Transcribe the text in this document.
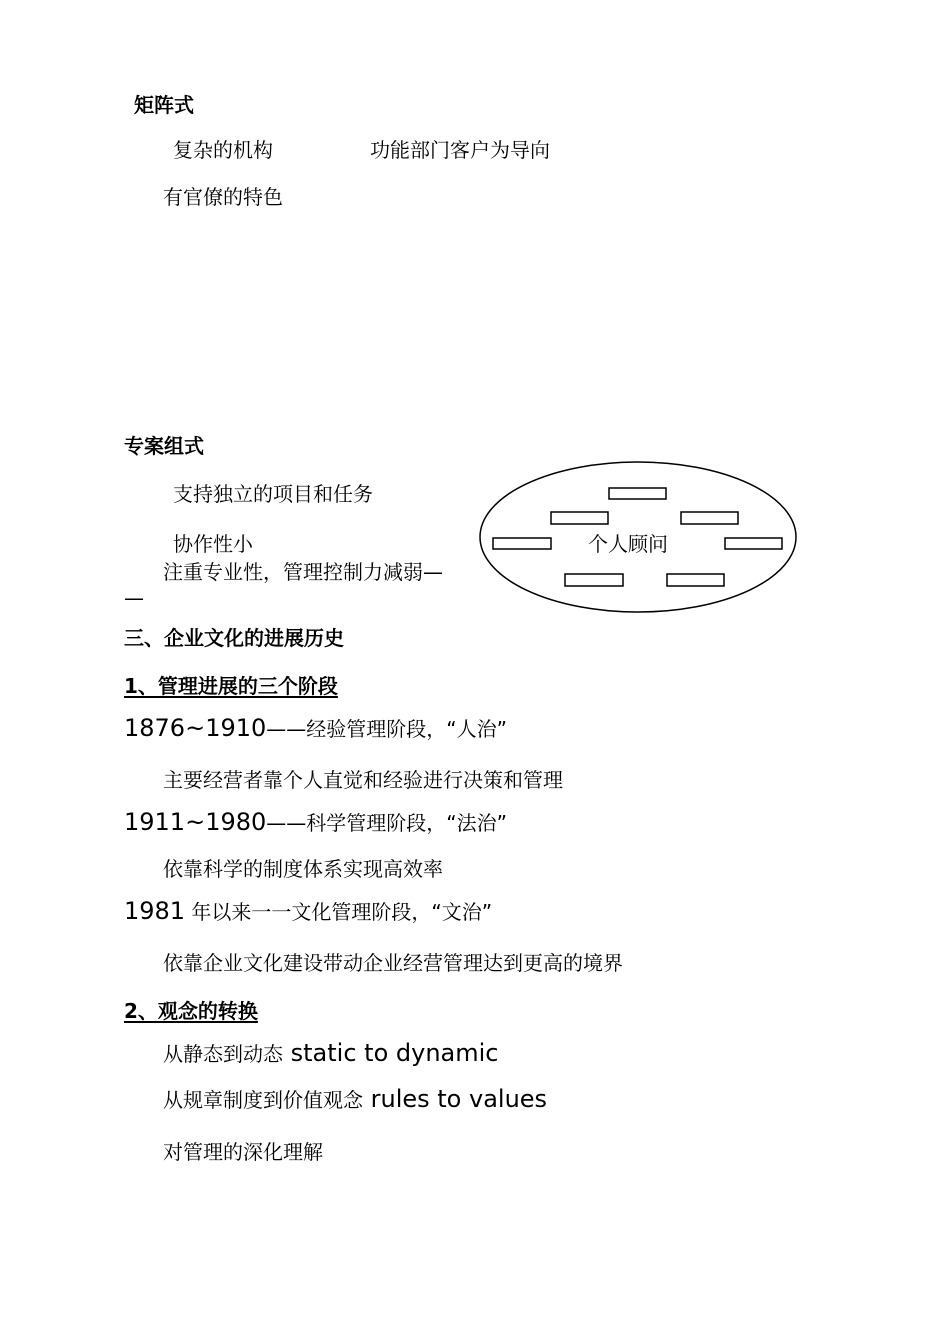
矩阵式
复杂的机构	功能部门客户为导向
有官僚的特色
专案组式
支持独立的项目和任务
协作性小
注重专业性，管理控制力减弱—
—
个人顾问
三、企业文化的进展历史
1、管理进展的三个阶段
1876~1910——经验管理阶段，“人治”
主要经营者靠个人直觉和经验进行决策和管理
1911~1980——科学管理阶段，“法治”
依靠科学的制度体系实现高效率
1981 年以来一一文化管理阶段，“文治”
依靠企业文化建设带动企业经营管理达到更高的境界
2、观念的转换
从静态到动态 static to dynamic
从规章制度到价值观念 rules to values
对管理的深化理解
